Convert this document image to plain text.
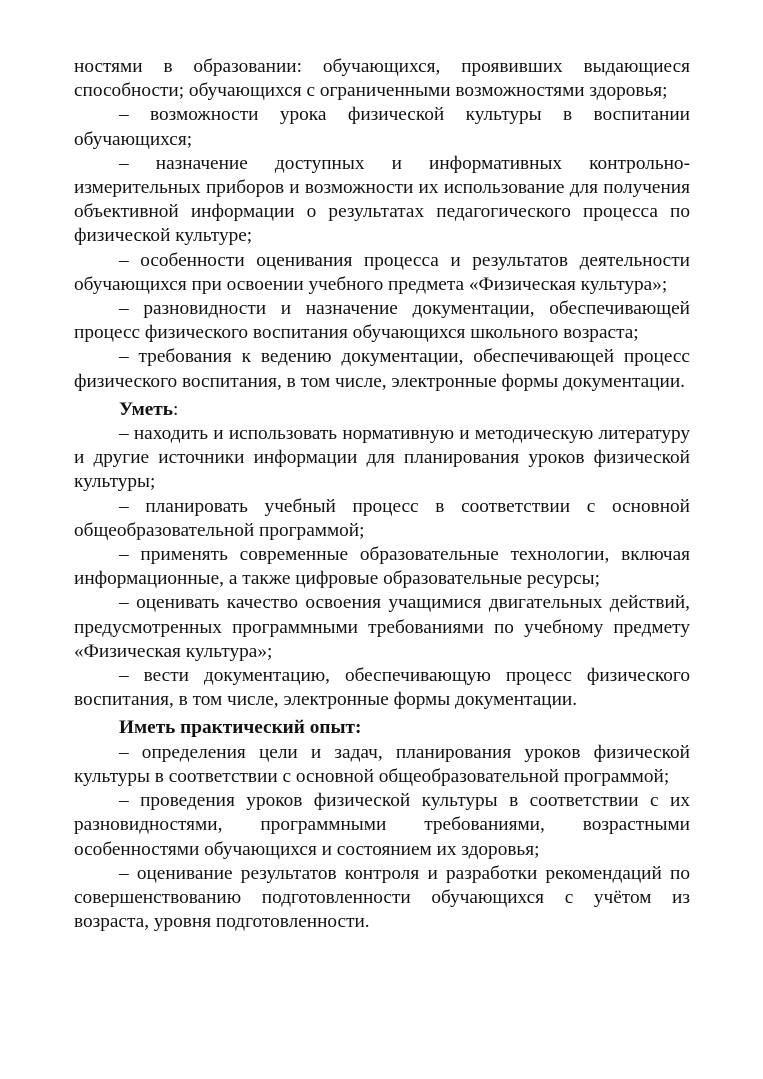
ностями в образовании: обучающихся, проявивших выдающиеся способности; обучающихся с ограниченными возможностями здоровья;

– возможности урока физической культуры в воспитании обучающихся;

– назначение доступных и информативных контрольно-измерительных приборов и возможности их использование для получения объективной информации о результатах педагогического процесса по физической культуре;

– особенности оценивания процесса и результатов деятельности обучающихся при освоении учебного предмета «Физическая культура»;

– разновидности и назначение документации, обеспечивающей процесс физического воспитания обучающихся школьного возраста;

– требования к ведению документации, обеспечивающей процесс физического воспитания, в том числе, электронные формы документации.

Уметь:

– находить и использовать нормативную и методическую литературу и другие источники информации для планирования уроков физической культуры;

– планировать учебный процесс в соответствии с основной общеобразовательной программой;

– применять современные образовательные технологии, включая информационные, а также цифровые образовательные ресурсы;

– оценивать качество освоения учащимися двигательных действий, предусмотренных программными требованиями по учебному предмету «Физическая культура»;

– вести документацию, обеспечивающую процесс физического воспитания, в том числе, электронные формы документации.

Иметь практический опыт:

– определения цели и задач, планирования уроков физической культуры в соответствии с основной общеобразовательной программой;

– проведения уроков физической культуры в соответствии с их разновидностями, программными требованиями, возрастными особенностями обучающихся и состоянием их здоровья;

– оценивание результатов контроля и разработки рекомендаций по совершенствованию подготовленности обучающихся с учётом из возраста, уровня подготовленности.
